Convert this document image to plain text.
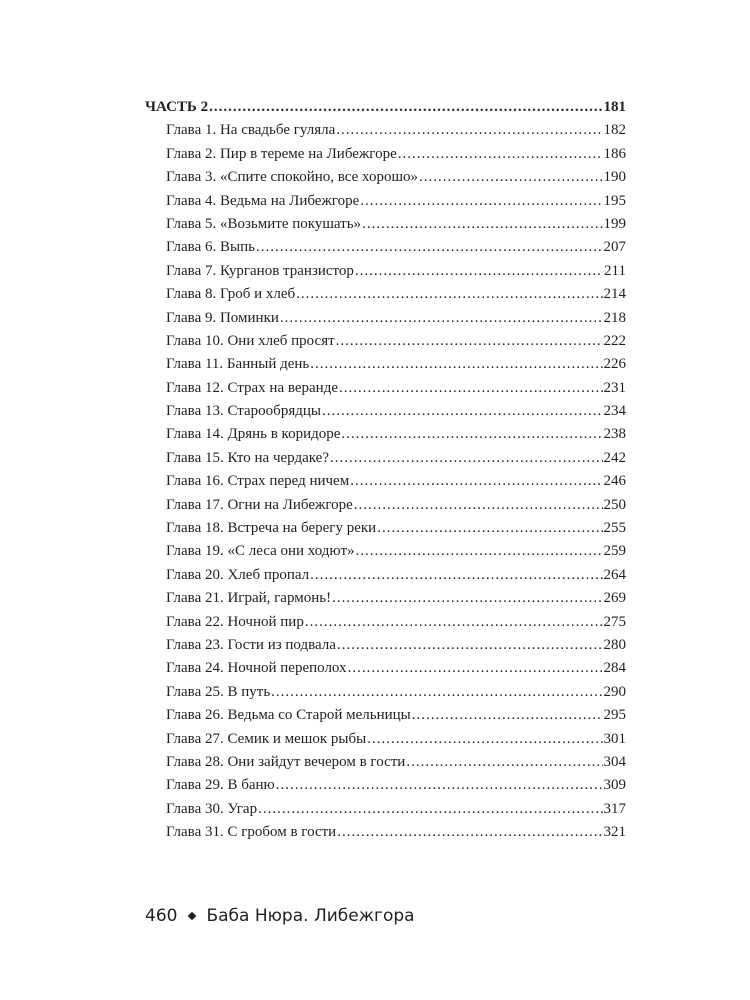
ЧАСТЬ 2 .....	181
Глава 1. На свадьбе гуляла .....	182
Глава 2. Пир в тереме на Либежгоре .....	186
Глава 3. «Спите спокойно, все хорошо» .....	190
Глава 4. Ведьма на Либежгоре .....	195
Глава 5. «Возьмите покушать» .....	199
Глава 6. Выпь .....	207
Глава 7. Курганов транзистор .....	211
Глава 8. Гроб и хлеб .....	214
Глава 9. Поминки .....	218
Глава 10. Они хлеб просят .....	222
Глава 11. Банный день .....	226
Глава 12. Страх на веранде .....	231
Глава 13. Старообрядцы .....	234
Глава 14. Дрянь в коридоре .....	238
Глава 15. Кто на чердаке? .....	242
Глава 16. Страх перед ничем .....	246
Глава 17. Огни на Либежгоре .....	250
Глава 18. Встреча на берегу реки .....	255
Глава 19. «С леса они ходют» .....	259
Глава 20. Хлеб пропал .....	264
Глава 21. Играй, гармонь! .....	269
Глава 22. Ночной пир .....	275
Глава 23. Гости из подвала .....	280
Глава 24. Ночной переполох .....	284
Глава 25. В путь .....	290
Глава 26. Ведьма со Старой мельницы .....	295
Глава 27. Семик и мешок рыбы .....	301
Глава 28. Они зайдут вечером в гости .....	304
Глава 29. В баню .....	309
Глава 30. Угар .....	317
Глава 31. С гробом в гости .....	321
460 Баба Нюра. Либежгора
